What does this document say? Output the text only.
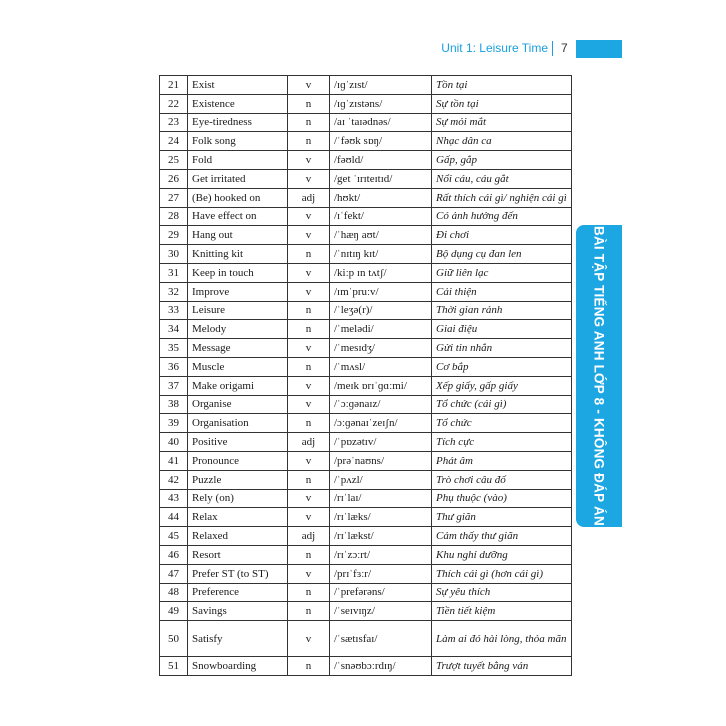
Unit 1: Leisure Time 7
BÀI TẬP TIẾNG ANH LỚP 8 - KHÔNG ĐÁP ÁN
21	Exist	v	/ɪɡˈzɪst/	Tồn tại
22	Existence	n	/ɪɡˈzɪstəns/	Sự tồn tại
23	Eye-tiredness	n	/aɪ ˈtaɪədnəs/	Sự mỏi mắt
24	Folk song	n	/ˈfəʊk sɒŋ/	Nhạc dân ca
25	Fold	v	/fəʊld/	Gấp, gắp
26	Get irritated	v	/get ˈɪrɪteɪtɪd/	Nổi cáu, cáu gắt
27	(Be) hooked on	adj	/hʊkt/	Rất thích cái gì/ nghiện cái gì
28	Have effect on	v	/ɪˈfekt/	Có ảnh hưởng đến
29	Hang out	v	/ˈhæŋ aʊt/	Đi chơi
30	Knitting kit	n	/ˈnɪtɪŋ kɪt/	Bộ dụng cụ đan len
31	Keep in touch	v	/kiːp ɪn tʌtʃ/	Giữ liên lạc
32	Improve	v	/ɪmˈpruːv/	Cải thiện
33	Leisure	n	/ˈleʒə(r)/	Thời gian rảnh
34	Melody	n	/ˈmelədi/	Giai điệu
35	Message	v	/ˈmesɪdʒ/	Gửi tin nhắn
36	Muscle	n	/ˈmʌsl/	Cơ bắp
37	Make origami	v	/meɪk ɒrɪˈɡɑːmi/	Xếp giấy, gấp giấy
38	Organise	v	/ˈɔːɡənaɪz/	Tổ chức (cái gì)
39	Organisation	n	/ɔːɡənaɪˈzeɪʃn/	Tổ chức
40	Positive	adj	/ˈpɒzətɪv/	Tích cực
41	Pronounce	v	/prəˈnaʊns/	Phát âm
42	Puzzle	n	/ˈpʌzl/	Trò chơi câu đố
43	Rely (on)	v	/rɪˈlaɪ/	Phụ thuộc (vào)
44	Relax	v	/rɪˈlæks/	Thư giãn
45	Relaxed	adj	/rɪˈlækst/	Cảm thấy thư giãn
46	Resort	n	/rɪˈzɔːrt/	Khu nghỉ dưỡng
47	Prefer ST (to ST)	v	/prɪˈfɜːr/	Thích cái gì (hơn cái gì)
48	Preference	n	/ˈprefərəns/	Sự yêu thích
49	Savings	n	/ˈseɪvɪŋz/	Tiền tiết kiệm
50	Satisfy	v	/ˈsætɪsfaɪ/	Làm ai đó hài lòng, thỏa mãn
51	Snowboarding	n	/ˈsnəʊbɔːrdɪŋ/	Trượt tuyết bằng ván
